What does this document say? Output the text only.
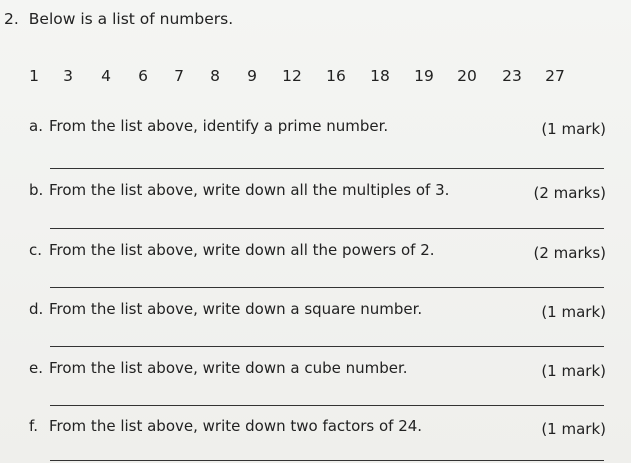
2. Below is a list of numbers.
1 3 4 6 7 8 9 12 16 18 19 20 23 27
a. From the list above, identify a prime number.	(1 mark)
b. From the list above, write down all the multiples of 3.	(2 marks)
c. From the list above, write down all the powers of 2.	(2 marks)
d. From the list above, write down a square number.	(1 mark)
e. From the list above, write down a cube number.	(1 mark)
f. From the list above, write down two factors of 24.	(1 mark)
